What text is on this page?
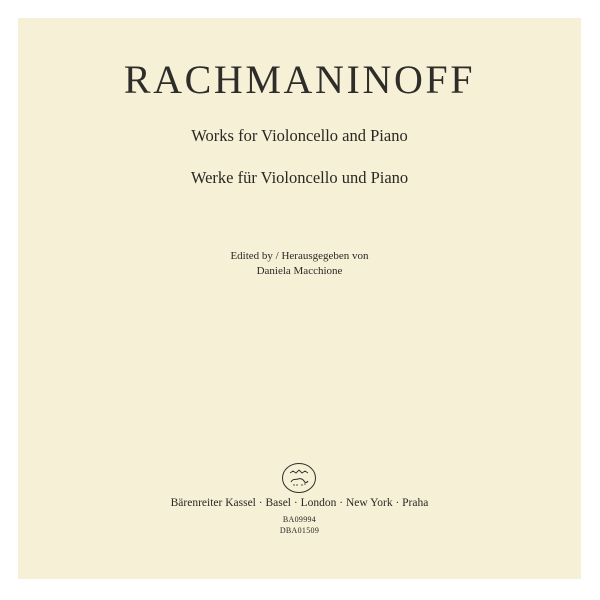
RACHMANINOFF
Works for Violoncello and Piano
Werke für Violoncello und Piano
Edited by / Herausgegeben von
Daniela Macchione
Bärenreiter Kassel · Basel · London · New York · Praha
BA09994
DBA01509
